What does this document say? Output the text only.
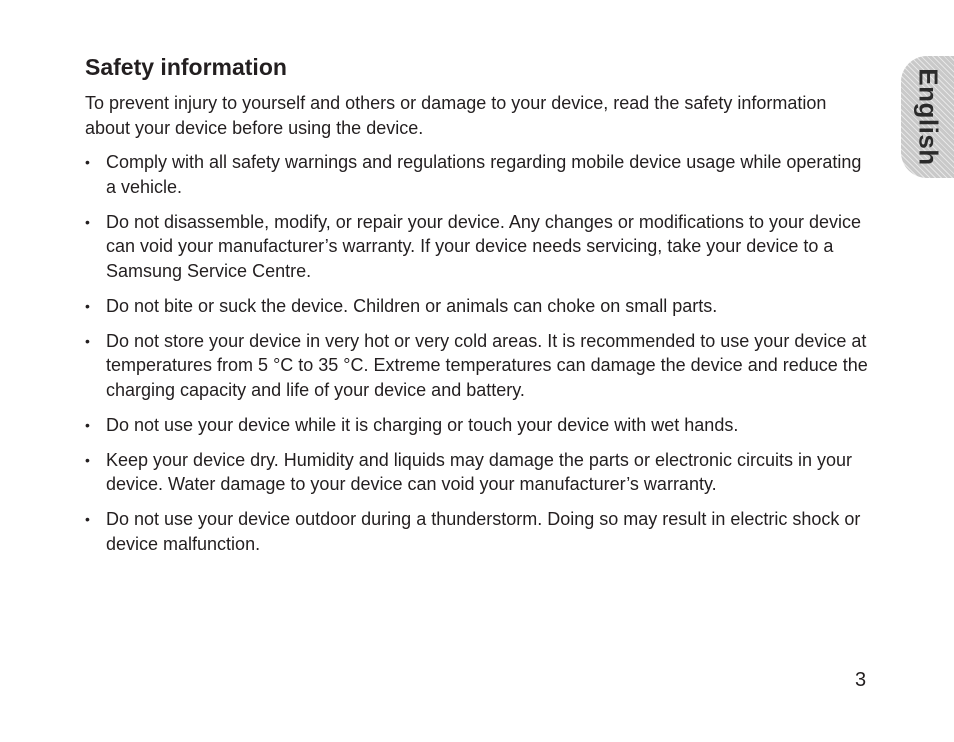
Safety information

To prevent injury to yourself and others or damage to your device, read the safety information about your device before using the device.

• Comply with all safety warnings and regulations regarding mobile device usage while operating a vehicle.
• Do not disassemble, modify, or repair your device. Any changes or modifications to your device can void your manufacturer’s warranty. If your device needs servicing, take your device to a Samsung Service Centre.
• Do not bite or suck the device. Children or animals can choke on small parts.
• Do not store your device in very hot or very cold areas. It is recommended to use your device at temperatures from 5 °C to 35 °C. Extreme temperatures can damage the device and reduce the charging capacity and life of your device and battery.
• Do not use your device while it is charging or touch your device with wet hands.
• Keep your device dry. Humidity and liquids may damage the parts or electronic circuits in your device. Water damage to your device can void your manufacturer’s warranty.
• Do not use your device outdoor during a thunderstorm. Doing so may result in electric shock or device malfunction.
3
English
